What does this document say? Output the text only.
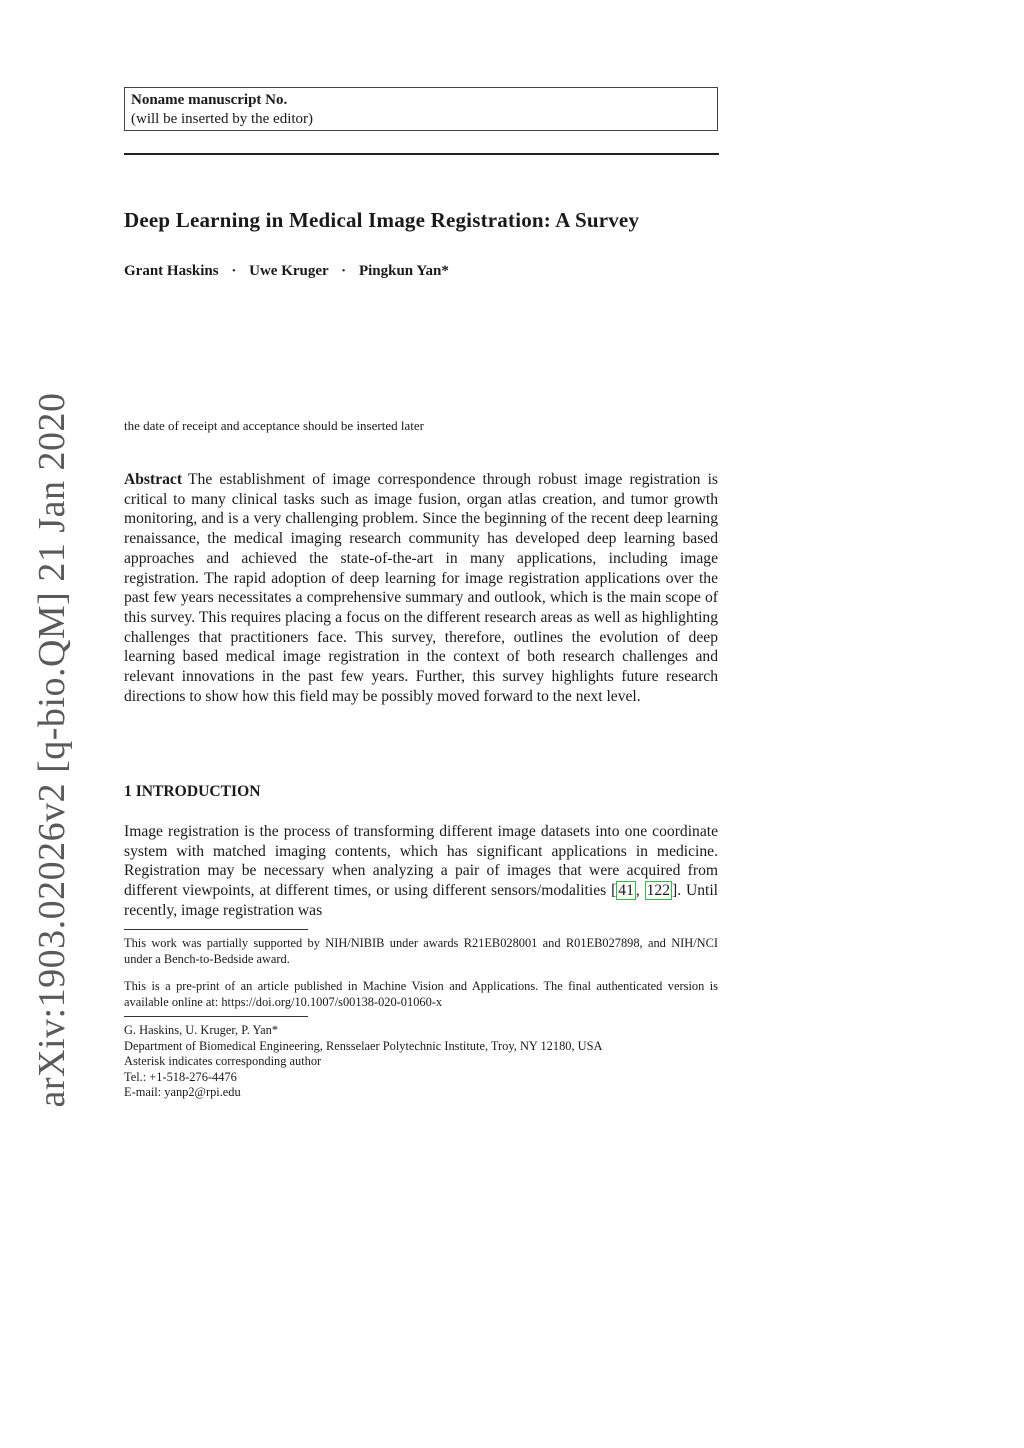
arXiv:1903.02026v2 [q-bio.QM] 21 Jan 2020
Noname manuscript No.
(will be inserted by the editor)
Deep Learning in Medical Image Registration: A Survey
Grant Haskins · Uwe Kruger · Pingkun Yan*
the date of receipt and acceptance should be inserted later
Abstract The establishment of image correspondence through robust image registration is critical to many clinical tasks such as image fusion, organ atlas creation, and tumor growth monitoring, and is a very challenging problem. Since the beginning of the recent deep learning renaissance, the medical imaging research community has developed deep learning based approaches and achieved the state-of-the-art in many applications, including image registration. The rapid adoption of deep learning for image registration applications over the past few years necessitates a comprehensive summary and outlook, which is the main scope of this survey. This requires placing a focus on the different research areas as well as highlighting challenges that practitioners face. This survey, therefore, outlines the evolution of deep learning based medical image registration in the context of both research challenges and relevant innovations in the past few years. Further, this survey highlights future research directions to show how this field may be possibly moved forward to the next level.
1 INTRODUCTION
Image registration is the process of transforming different image datasets into one coordinate system with matched imaging contents, which has significant applications in medicine. Registration may be necessary when analyzing a pair of images that were acquired from different viewpoints, at different times, or using different sensors/modalities [ 41 , 122 ]. Until recently, image registration was
This work was partially supported by NIH/NIBIB under awards R21EB028001 and R01EB027898, and NIH/NCI under a Bench-to-Bedside award.
This is a pre-print of an article published in Machine Vision and Applications. The final authenticated version is available online at: https://doi.org/10.1007/s00138-020-01060-x
G. Haskins, U. Kruger, P. Yan*
Department of Biomedical Engineering, Rensselaer Polytechnic Institute, Troy, NY 12180, USA
Asterisk indicates corresponding author
Tel.: +1-518-276-4476
E-mail: yanp2@rpi.edu
